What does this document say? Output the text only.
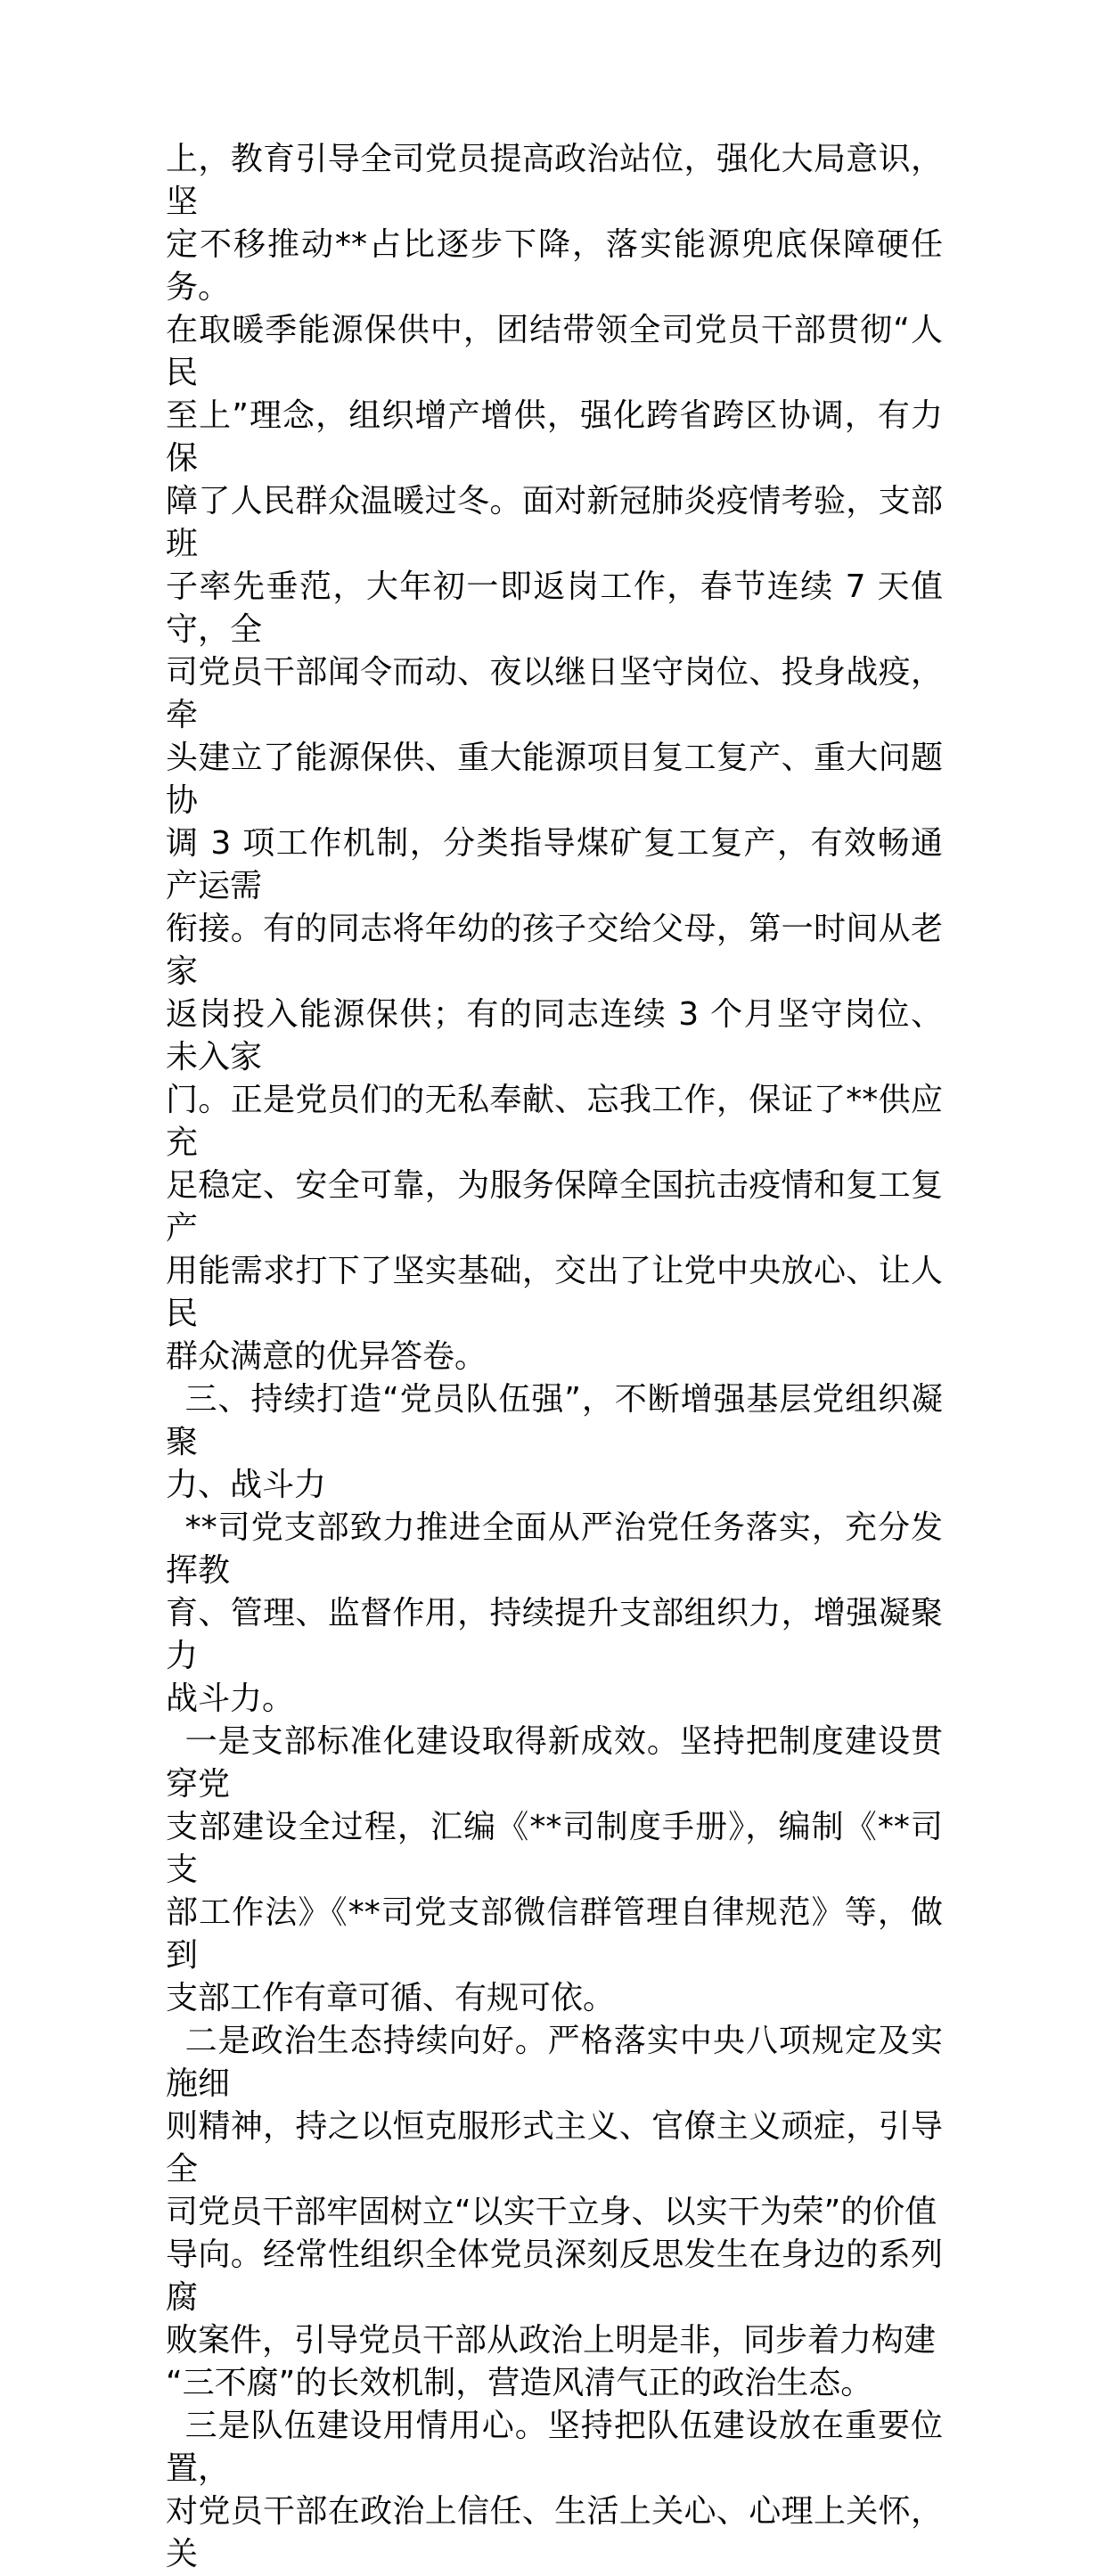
上，教育引导全司党员提高政治站位，强化大局意识，坚
定不移推动**占比逐步下降，落实能源兜底保障硬任务。
在取暖季能源保供中，团结带领全司党员干部贯彻“人民
至上”理念，组织增产增供，强化跨省跨区协调，有力保
障了人民群众温暖过冬。面对新冠肺炎疫情考验，支部班
子率先垂范，大年初一即返岗工作，春节连续 7 天值守，全
司党员干部闻令而动、夜以继日坚守岗位、投身战疫，牵
头建立了能源保供、重大能源项目复工复产、重大问题协
调 3 项工作机制，分类指导煤矿复工复产，有效畅通产运需
衔接。有的同志将年幼的孩子交给父母，第一时间从老家
返岗投入能源保供；有的同志连续 3 个月坚守岗位、未入家
门。正是党员们的无私奉献、忘我工作，保证了**供应充
足稳定、安全可靠，为服务保障全国抗击疫情和复工复产
用能需求打下了坚实基础，交出了让党中央放心、让人民
群众满意的优异答卷。

三、持续打造“党员队伍强”，不断增强基层党组织凝聚
力、战斗力

**司党支部致力推进全面从严治党任务落实，充分发挥教
育、管理、监督作用，持续提升支部组织力，增强凝聚力
战斗力。

一是支部标准化建设取得新成效。坚持把制度建设贯穿党
支部建设全过程，汇编《**司制度手册》，编制《**司支
部工作法》《**司党支部微信群管理自律规范》等，做到
支部工作有章可循、有规可依。

二是政治生态持续向好。严格落实中央八项规定及实施细
则精神，持之以恒克服形式主义、官僚主义顽症，引导全
司党员干部牢固树立“以实干立身、以实干为荣”的价值
导向。经常性组织全体党员深刻反思发生在身边的系列腐
败案件，引导党员干部从政治上明是非，同步着力构建
“三不腐”的长效机制，营造风清气正的政治生态。

三是队伍建设用情用心。坚持把队伍建设放在重要位置，
对党员干部在政治上信任、生活上关心、心理上关怀，关
